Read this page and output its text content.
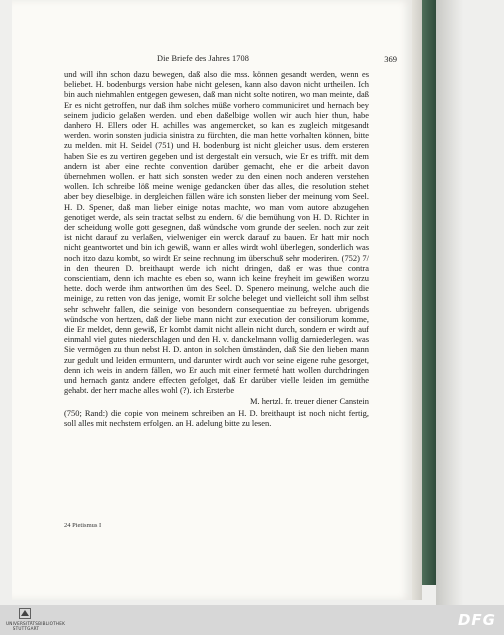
Die Briefe des Jahres 1708	369

und will ihn schon dazu bewegen, daß also die mss. können gesandt werden, wenn es beliebet. H. bodenburgs version habe nicht gelesen, kann also davon nicht urtheilen. Ich bin auch niehmahlen entgegen gewesen, daß man nicht solte notiren, wo man meinte, daß Er es nicht getroffen, nur daß ihm solches müße vorhero communiciret und hernach bey seinem judicio gelaßen werden. und eben daßelbige wollen wir auch hier thun, habe danhero H. Ellers oder H. achilles was angemercket, so kan es zugleich mitgesandt werden. worin sonsten judicia sinistra zu fürchten, die man hette vorhalten können, bitte zu melden. mit H. Seidel (751) und H. bodenburg ist nicht gleicher usus. dem ersteren haben Sie es zu vertiren gegeben und ist dergestalt ein versuch, wie Er es trifft. mit dem andern ist aber eine rechte convention darüber gemacht, ehe er die arbeit davon übernehmen wollen. er hatt sich sonsten weder zu den einen noch anderen verstehen wollen. Ich schreibe löß meine wenige gedancken über das alles, die resolution stehet aber bey dieselbige. in dergleichen fällen wäre ich sonsten lieber der meinung vom Seel. H. D. Spener, daß man lieber einige notas machte, wo man vom autore abzugehen genotiget werde, als sein tractat selbst zu endern. 6/ die bemühung von H. D. Richter in der scheidung wolle gott gesegnen, daß wündsche vom grunde der seelen. noch zur zeit ist nicht darauf zu verlaßen, vielweniger ein werck darauf zu bauen. Er hatt mir noch nicht geantwortet und bin ich gewiß, wann er alles wirdt wohl überlegen, sonderlich was noch itzo dazu kombt, so wirdt Er seine rechnung im überschuß sehr moderiren. (752) 7/ in den theuren D. breithaupt werde ich nicht dringen, daß er was thue contra conscientiam, denn ich machte es eben so, wann ich keine freyheit im gewißen worzu hette. doch werde ihm antworthen üm des Seel. D. Spenero meinung, welche auch die meinige, zu retten von das jenige, womit Er solche beleget und vielleicht soll ihm selbst sehr schwehr fallen, die seinige von besondern consequentiae zu befreyen. ubrigends wündsche von hertzen, daß der liebe mann nicht zur execution der consiliorum komme, die Er meldet, denn gewiß, Er kombt damit nicht allein nicht durch, sondern er wirdt auf einmahl viel gutes niederschlagen und den H. v. danckelmann vollig darniederlegen. was Sie vermögen zu thun nebst H. D. anton in solchen ümständen, daß Sie den lieben mann zur gedult und leiden ermuntern, und darunter wirdt auch vor seine eigene ruhe gesorget, denn ich weis in andern fällen, wo Er auch mit einer fermeté hatt wollen durchdringen und hernach gantz andere effecten gefolget, daß Er darüber vielle leiden im gemüthe gehabt. der herr mache alles wohl (?). ich Ersterbe

M. hertzl. fr. treuer diener Canstein

(750; Rand:) die copie von meinem schreiben an H. D. breithaupt ist noch nicht fertig, soll alles mit nechstem erfolgen. an H. adelung bitte zu lesen.

24 Pietismus I
UNIVERSITÄTSBIBLIOTHEK
STUTTGART	DFG
